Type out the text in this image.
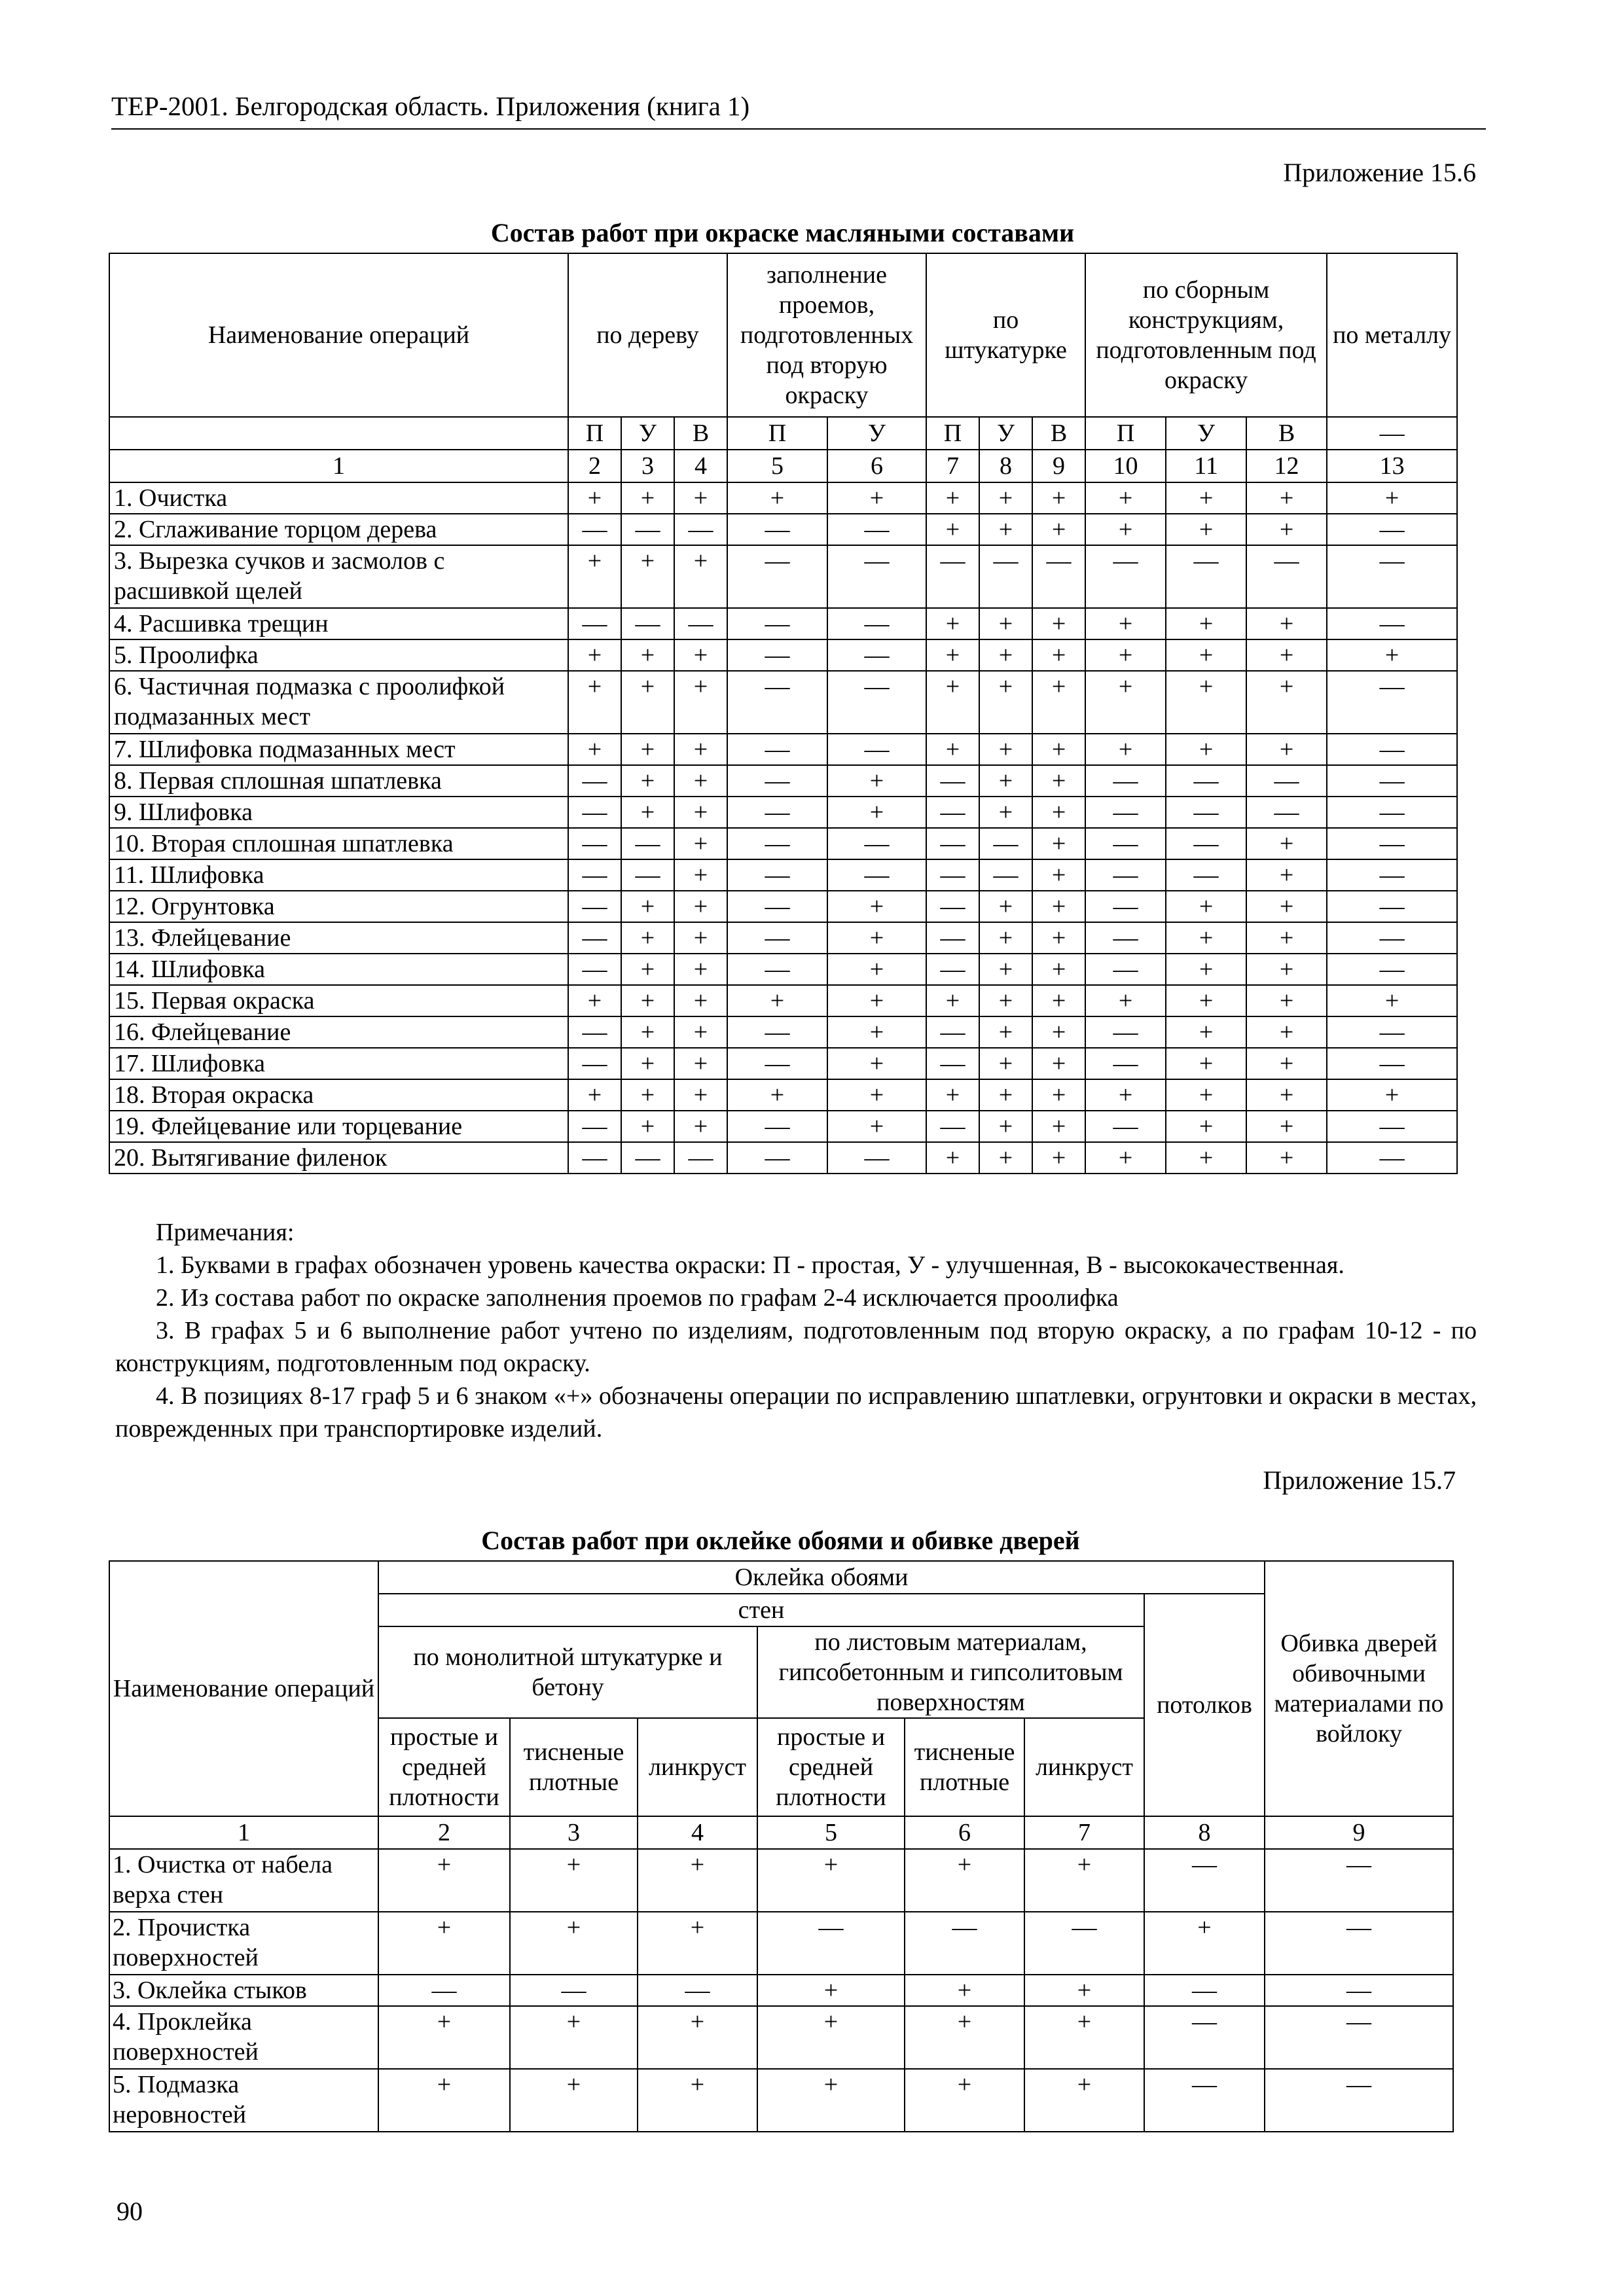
ТЕР-2001. Белгородская область. Приложения (книга 1)
Приложение 15.6
Состав работ при окраске масляными составами
Наименование операций	по дереву			заполнение проемов, подготовленных под вторую окраску		по штукатурке			по сборным конструкциям, подготовленным под окраску			по металлу
	П	У	В	П	У	П	У	В	П	У	В	—
1	2	3	4	5	6	7	8	9	10	11	12	13
1. Очистка	+	+	+	+	+	+	+	+	+	+	+	+
2. Сглаживание торцом дерева	—	—	—	—	—	+	+	+	+	+	+	—
3. Вырезка сучков и засмолов с расшивкой щелей	+	+	+	—	—	—	—	—	—	—	—	—
4. Расшивка трещин	—	—	—	—	—	+	+	+	+	+	+	—
5. Проолифка	+	+	+	—	—	+	+	+	+	+	+	+
6. Частичная подмазка с проолифкой подмазанных мест	+	+	+	—	—	+	+	+	+	+	+	—
7. Шлифовка подмазанных мест	+	+	+	—	—	+	+	+	+	+	+	—
8. Первая сплошная шпатлевка	—	+	+	—	+	—	+	+	—	—	—	—
9. Шлифовка	—	+	+	—	+	—	+	+	—	—	—	—
10. Вторая сплошная шпатлевка	—	—	+	—	—	—	—	+	—	—	+	—
11. Шлифовка	—	—	+	—	—	—	—	+	—	—	+	—
12. Огрунтовка	—	+	+	—	+	—	+	+	—	+	+	—
13. Флейцевание	—	+	+	—	+	—	+	+	—	+	+	—
14. Шлифовка	—	+	+	—	+	—	+	+	—	+	+	—
15. Первая окраска	+	+	+	+	+	+	+	+	+	+	+	+
16. Флейцевание	—	+	+	—	+	—	+	+	—	+	+	—
17. Шлифовка	—	+	+	—	+	—	+	+	—	+	+	—
18. Вторая окраска	+	+	+	+	+	+	+	+	+	+	+	+
19. Флейцевание или торцевание	—	+	+	—	+	—	+	+	—	+	+	—
20. Вытягивание филенок	—	—	—	—	—	+	+	+	+	+	+	—

Примечания:

1. Буквами в графах обозначен уровень качества окраски: П - простая, У - улучшенная, В - высококачественная.

2. Из состава работ по окраске заполнения проемов по графам 2-4 исключается проолифка

3. В графах 5 и 6 выполнение работ учтено по изделиям, подготовленным под вторую окраску, а по графам 10-12 - по конструкциям, подготовленным под окраску.

4. В позициях 8-17 граф 5 и 6 знаком «+» обозначены операции по исправлению шпатлевки, огрунтовки и окраски в местах, поврежденных при транспортировке изделий.

Приложение 15.7
Состав работ при оклейке обоями и обивке дверей
Наименование операций	Оклейка обоями							Обивка дверей обивочными материалами по войлоку
	стен						потолков	
	по монолитной штукатурке и бетону			по листовым материалам, гипсобетонным и гипсолитовым поверхностям				
	простые и средней плотности	тисненые плотные	линкруст	простые и средней плотности	тисненые плотные	линкруст		
1	2	3	4	5	6	7	8	9
1. Очистка от набела верха стен	+	+	+	+	+	+	—	—
2. Прочистка поверхностей	+	+	+	—	—	—	+	—
3. Оклейка стыков	—	—	—	+	+	+	—	—
4. Проклейка поверхностей	+	+	+	+	+	+	—	—
5. Подмазка неровностей	+	+	+	+	+	+	—	—
90
